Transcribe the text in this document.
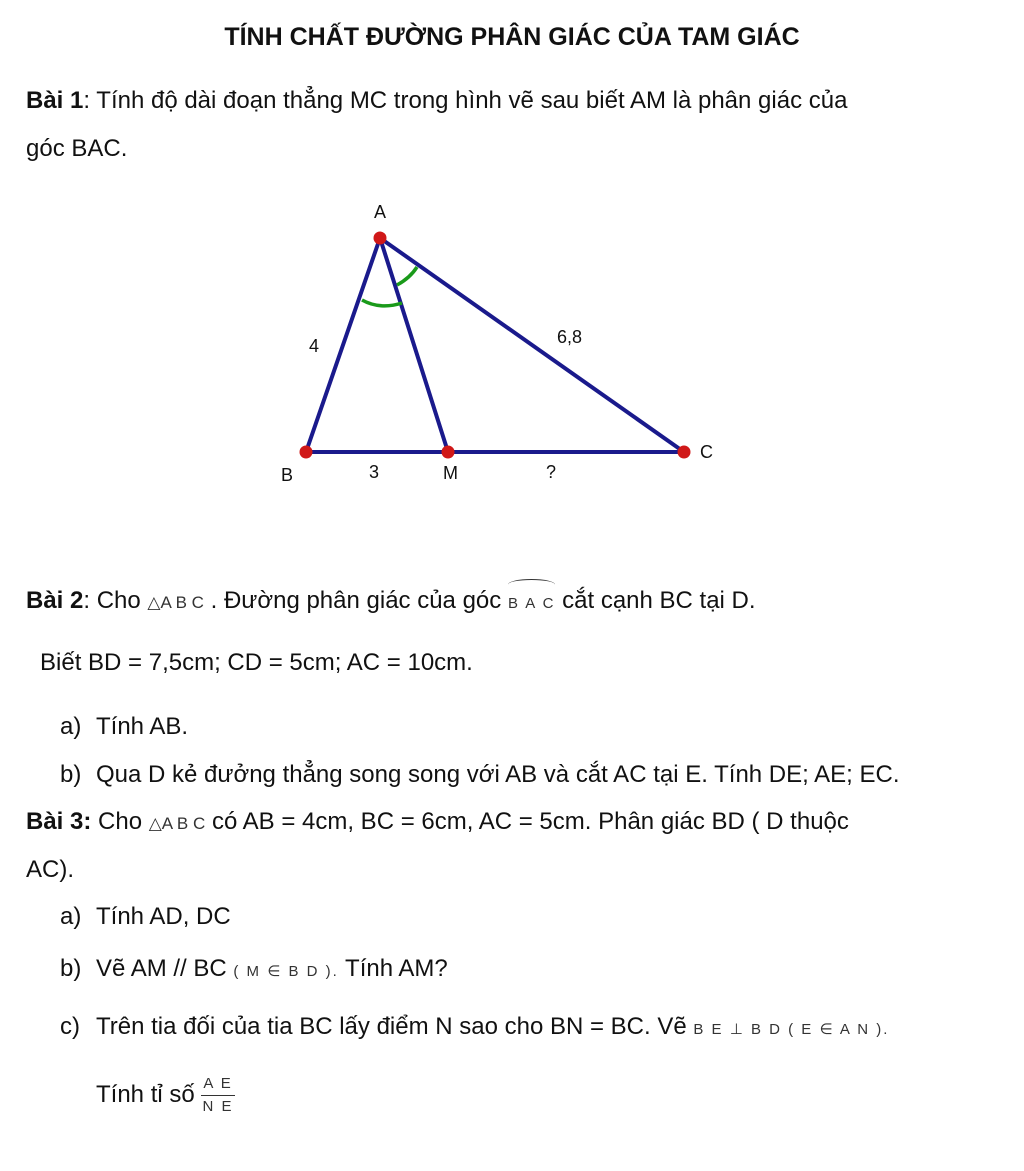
TÍNH CHẤT ĐƯỜNG PHÂN GIÁC CỦA TAM GIÁC
Bài 1: Tính độ dài đoạn thẳng MC trong hình vẽ sau biết AM là phân giác của
góc BAC.
A
B	M
C
4	6,8
3	?
Bài 2: Cho △A B C . Đường phân giác của góc B A C cắt cạnh BC tại D.
Biết BD = 7,5cm; CD = 5cm; AC = 10cm.
a) Tính AB.
b) Qua D kẻ đưởng thẳng song song với AB và cắt AC tại E. Tính DE; AE; EC.
Bài 3: Cho △A B C có AB = 4cm, BC = 6cm, AC = 5cm. Phân giác BD ( D thuộc
AC).
a) Tính AD, DC
b) Vẽ AM // BC ( M ∈ B D ). Tính AM?
c) Trên tia đối của tia BC lấy điểm N sao cho BN = BC. Vẽ B E ⊥ B D ( E ∈ A N ).
Tính tỉ số $\frac{\text{A E}}{\text{N E}}$
